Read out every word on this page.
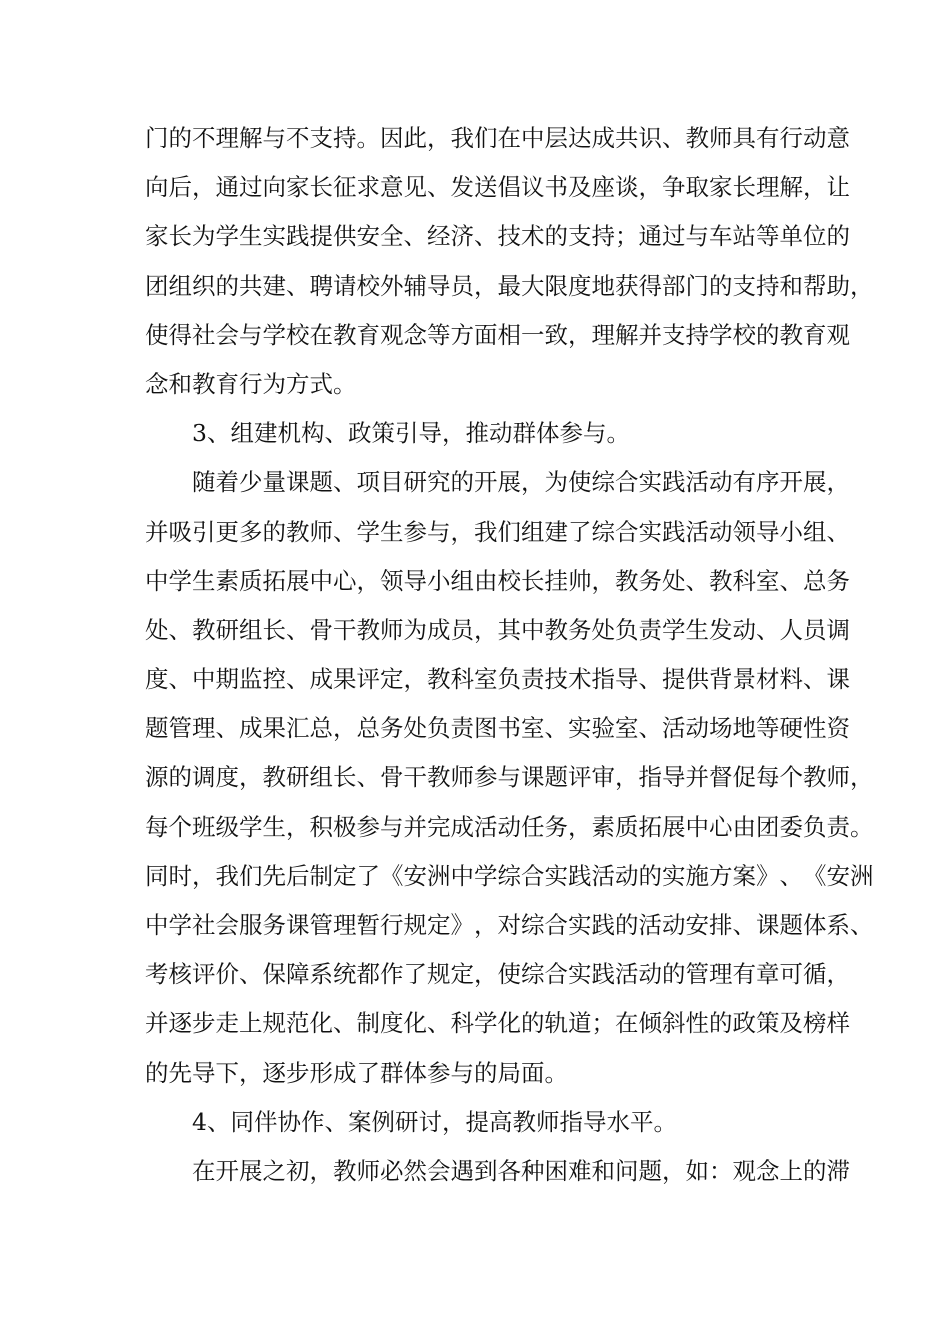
门 的 不 理 解 与 不 支 持 。 因 此 ， 我 们 在 中 层 达 成 共 识 、 教 师 具 有 行 动 意
向 后 ， 通 过 向 家 长 征 求 意 见 、 发 送 倡 议 书 及 座 谈 ， 争 取 家 长 理 解 ， 让
家 长 为 学 生 实 践 提 供 安 全 、 经 济 、 技 术 的 支 持 ； 通 过 与 车 站 等 单 位 的
团 组 织 的 共 建 、 聘 请 校 外 辅 导 员 ， 最 大 限 度 地 获 得 部 门 的 支 持 和 帮 助 ，
使 得 社 会 与 学 校 在 教 育 观 念 等 方 面 相 一 致 ， 理 解 并 支 持 学 校 的 教 育 观
念和教育行为方式。
3、组建机构、政策引导，推动群体参与。
随 着 少 量 课 题 、 项 目 研 究 的 开 展 ， 为 使 综 合 实 践 活 动 有 序 开 展 ，
并 吸 引 更 多 的 教 师 、 学 生 参 与 ， 我 们 组 建 了 综 合 实 践 活 动 领 导 小 组 、
中 学 生 素 质 拓 展 中 心 ， 领 导 小 组 由 校 长 挂 帅 ， 教 务 处 、 教 科 室 、 总 务
处 、 教 研 组 长 、 骨 干 教 师 为 成 员 ， 其 中 教 务 处 负 责 学 生 发 动 、 人 员 调
度 、 中 期 监 控 、 成 果 评 定 ， 教 科 室 负 责 技 术 指 导 、 提 供 背 景 材 料 、 课
题 管 理 、 成 果 汇 总 ， 总 务 处 负 责 图 书 室 、 实 验 室 、 活 动 场 地 等 硬 性 资
源 的 调 度 ， 教 研 组 长 、 骨 干 教 师 参 与 课 题 评 审 ， 指 导 并 督 促 每 个 教 师 ，
每 个 班 级 学 生 ， 积 极 参 与 并 完 成 活 动 任 务 ， 素 质 拓 展 中 心 由 团 委 负 责 。
同 时 ， 我 们 先 后 制 定 了 《 安 洲 中 学 综 合 实 践 活 动 的 实 施 方 案 》 、 《 安 洲
中 学 社 会 服 务 课 管 理 暂 行 规 定 》 ， 对 综 合 实 践 的 活 动 安 排 、 课 题 体 系 、
考 核 评 价 、 保 障 系 统 都 作 了 规 定 ， 使 综 合 实 践 活 动 的 管 理 有 章 可 循 ，
并 逐 步 走 上 规 范 化 、 制 度 化 、 科 学 化 的 轨 道 ； 在 倾 斜 性 的 政 策 及 榜 样
的先导下，逐步形成了群体参与的局面。
4、同伴协作、案例研讨，提高教师指导水平。
在 开 展 之 初 ， 教 师 必 然 会 遇 到 各 种 困 难 和 问 题 ， 如 ： 观 念 上 的 滞
